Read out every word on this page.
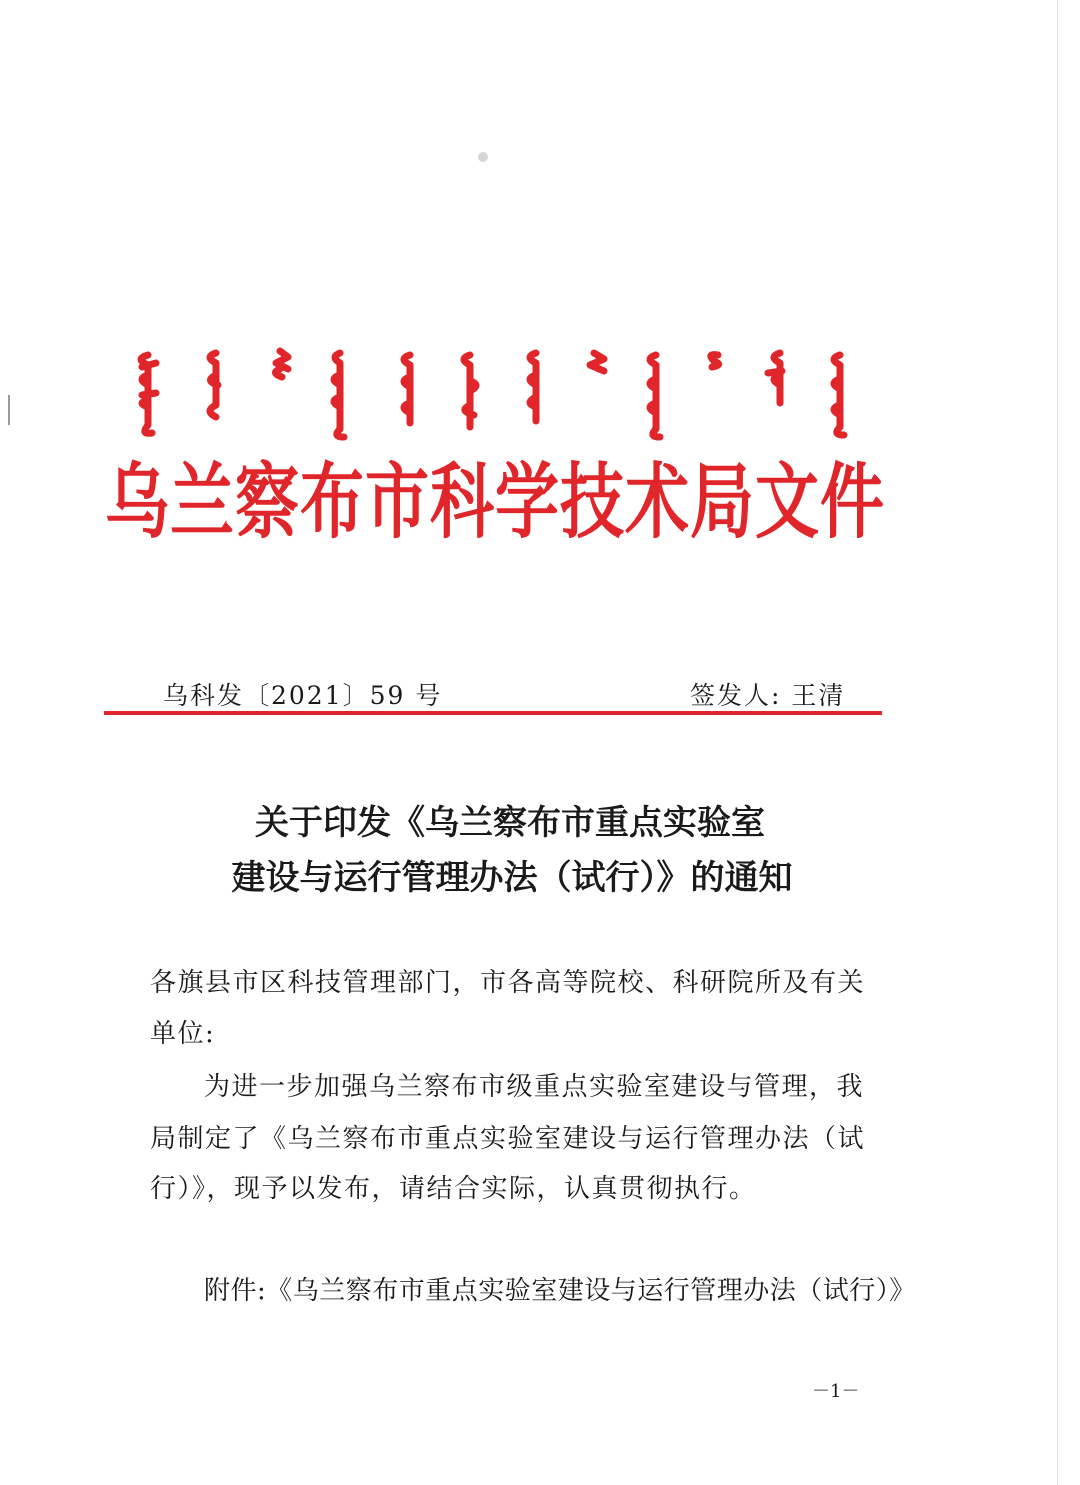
乌兰察布市科学技术局文件
乌科发〔2021〕59 号	签发人: 王清
关于印发《乌兰察布市重点实验室
建设与运行管理办法（试行）》的通知
各旗县市区科技管理部门，市各高等院校、科研院所及有关
单位:
为进一步加强乌兰察布市级重点实验室建设与管理，我
局制定了《乌兰察布市重点实验室建设与运行管理办法（试
行）》，现予以发布，请结合实际，认真贯彻执行。
附件:《乌兰察布市重点实验室建设与运行管理办法（试行）》
－1－
